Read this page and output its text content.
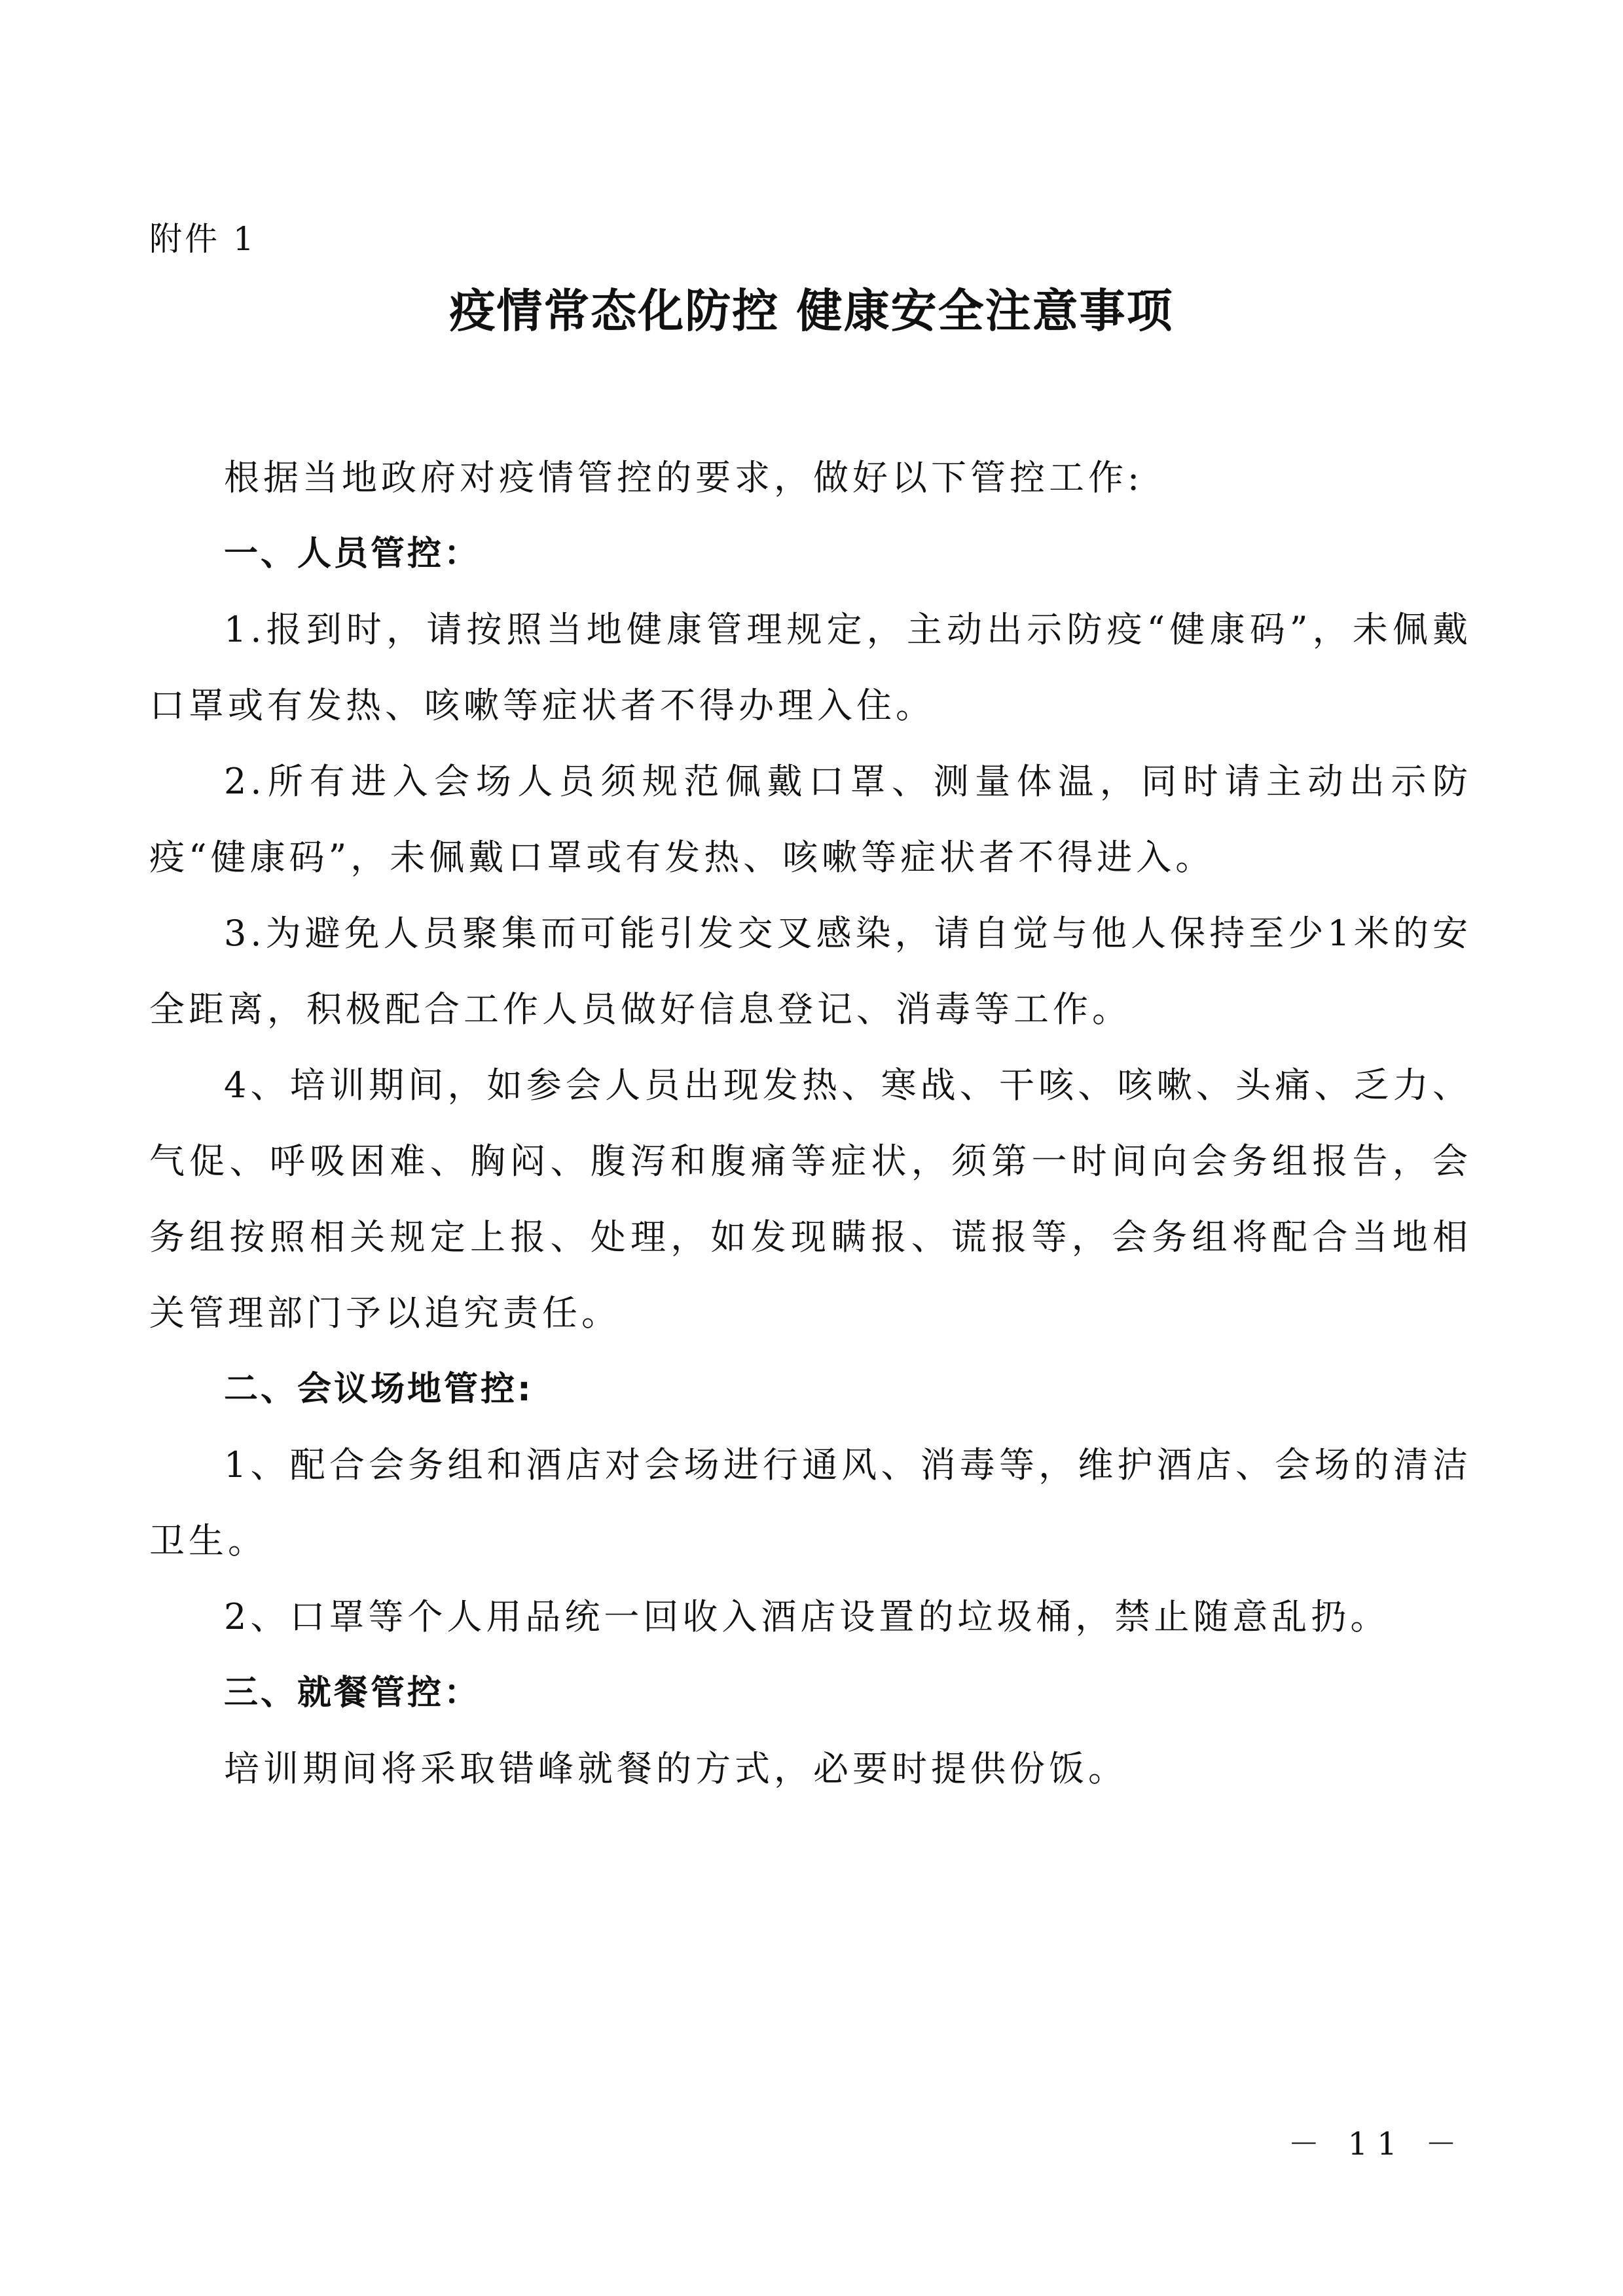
附件 1
疫情常态化防控 健康安全注意事项

根据当地政府对疫情管控的要求，做好以下管控工作:

一、人员管控：

1.报到时，请按照当地健康管理规定，主动出示防疫“健康码”，未佩戴口罩或有发热、咳嗽等症状者不得办理入住。

2.所有进入会场人员须规范佩戴口罩、测量体温，同时请主动出示防疫“健康码”，未佩戴口罩或有发热、咳嗽等症状者不得进入。

3.为避免人员聚集而可能引发交叉感染，请自觉与他人保持至少1米的安全距离，积极配合工作人员做好信息登记、消毒等工作。

4、培训期间，如参会人员出现发热、寒战、干咳、咳嗽、头痛、乏力、气促、呼吸困难、胸闷、腹泻和腹痛等症状，须第一时间向会务组报告，会务组按照相关规定上报、处理，如发现瞒报、谎报等，会务组将配合当地相关管理部门予以追究责任。

二、会议场地管控:

1、配合会务组和酒店对会场进行通风、消毒等，维护酒店、会场的清洁卫生。

2、口罩等个人用品统一回收入酒店设置的垃圾桶，禁止随意乱扔。

三、就餐管控：

培训期间将采取错峰就餐的方式，必要时提供份饭。

－ 11 －
